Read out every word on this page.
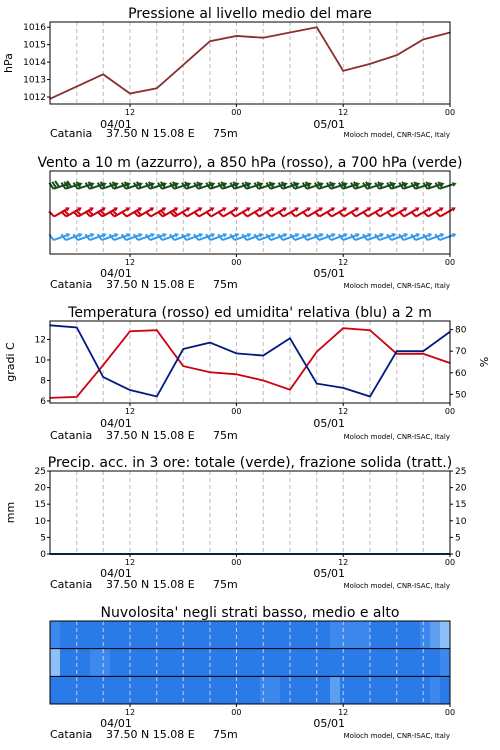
Pressione al livello medio del mare
1012
1013
1014
1015
1016
hPa
12
04/01
00	12
05/01
00
Catania 37.50 N 15.08 E 75m	Moloch model, CNR-ISAC, Italy
Vento a 10 m (azzurro), a 850 hPa (rosso), a 700 hPa (verde)
12
04/01
00	12
05/01
00
Catania 37.50 N 15.08 E 75m	Moloch model, CNR-ISAC, Italy
Temperatura (rosso) ed umidita' relativa (blu) a 2 m
6
8
10
12
50
60
70
80
gradi C	%
12
04/01
00	12
05/01
00
Catania 37.50 N 15.08 E 75m	Moloch model, CNR-ISAC, Italy
Precip. acc. in 3 ore: totale (verde), frazione solida (tratt.)
0
5
10
15
20
25
0
5
10
15
20
25
mm
12
04/01
00	12
05/01
00
Catania 37.50 N 15.08 E 75m	Moloch model, CNR-ISAC, Italy
Nuvolosita' negli strati basso, medio e alto
12
04/01
00	12
05/01
00
Catania 37.50 N 15.08 E 75m	Moloch model, CNR-ISAC, Italy
